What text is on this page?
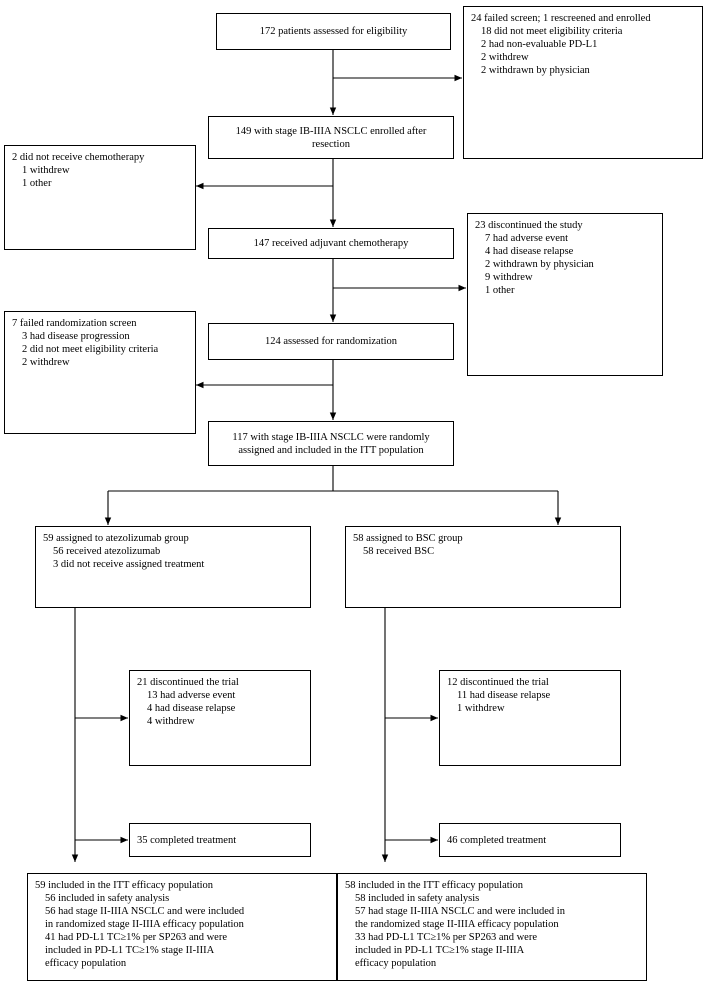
172 patients assessed for eligibility
24 failed screen; 1 rescreened and enrolled
18 did not meet eligibility criteria
2 had non-evaluable PD-L1
2 withdrew
2 withdrawn by physician
149 with stage IB-IIIA NSCLC enrolled after
resection
2 did not receive chemotherapy
1 withdrew
1 other
147 received adjuvant chemotherapy
23 discontinued the study
7 had adverse event
4 had disease relapse
2 withdrawn by physician
9 withdrew
1 other
124 assessed for randomization
7 failed randomization screen
3 had disease progression
2 did not meet eligibility criteria
2 withdrew
117 with stage IB-IIIA NSCLC were randomly
assigned and included in the ITT population
59 assigned to atezolizumab group
56 received atezolizumab
3 did not receive assigned treatment
58 assigned to BSC group
58 received BSC
21 discontinued the trial
13 had adverse event
4 had disease relapse
4 withdrew
12 discontinued the trial
11 had disease relapse
1 withdrew
35 completed treatment	46 completed treatment
59 included in the ITT efficacy population
56 included in safety analysis
56 had stage II-IIIA NSCLC and were included
in randomized stage II-IIIA efficacy population
41 had PD-L1 TC≥1% per SP263 and were
included in PD-L1 TC≥1% stage II-IIIA
efficacy population
58 included in the ITT efficacy population
58 included in safety analysis
57 had stage II-IIIA NSCLC and were included in
the randomized stage II-IIIA efficacy population
33 had PD-L1 TC≥1% per SP263 and were
included in PD-L1 TC≥1% stage II-IIIA
efficacy population
